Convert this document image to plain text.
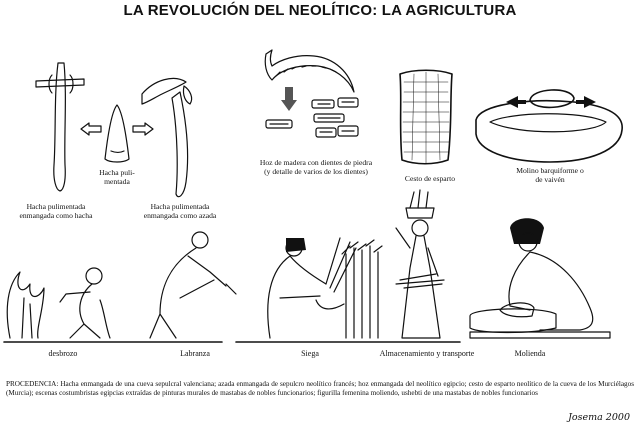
LA REVOLUCIÓN DEL NEOLÍTICO: LA AGRICULTURA
Hacha pulimentada
enmangada como hacha
Hacha puli-
mentada
Hacha pulimentada
enmangada como azada
Hoz de madera con dientes de piedra
(y detalle de varios de los dientes)
Cesto de esparto
Molino barquiforme o
de vaivén
desbrozo	Labranza	Siega	Almacenamiento y transporte	Molienda
PROCEDENCIA: Hacha enmangada de una cueva sepulcral valenciana; azada enmangada de sepulcro neolítico francés; hoz enmangada del neolítico egipcio; cesto de esparto neolítico de la cueva de los Murciélagos (Murcia); escenas costumbristas egipcias extraídas de pinturas murales de mastabas de nobles funcionarios; figurilla femenina moliendo, ushebti de una mastabas de nobles funcionarios
Josema 2000
